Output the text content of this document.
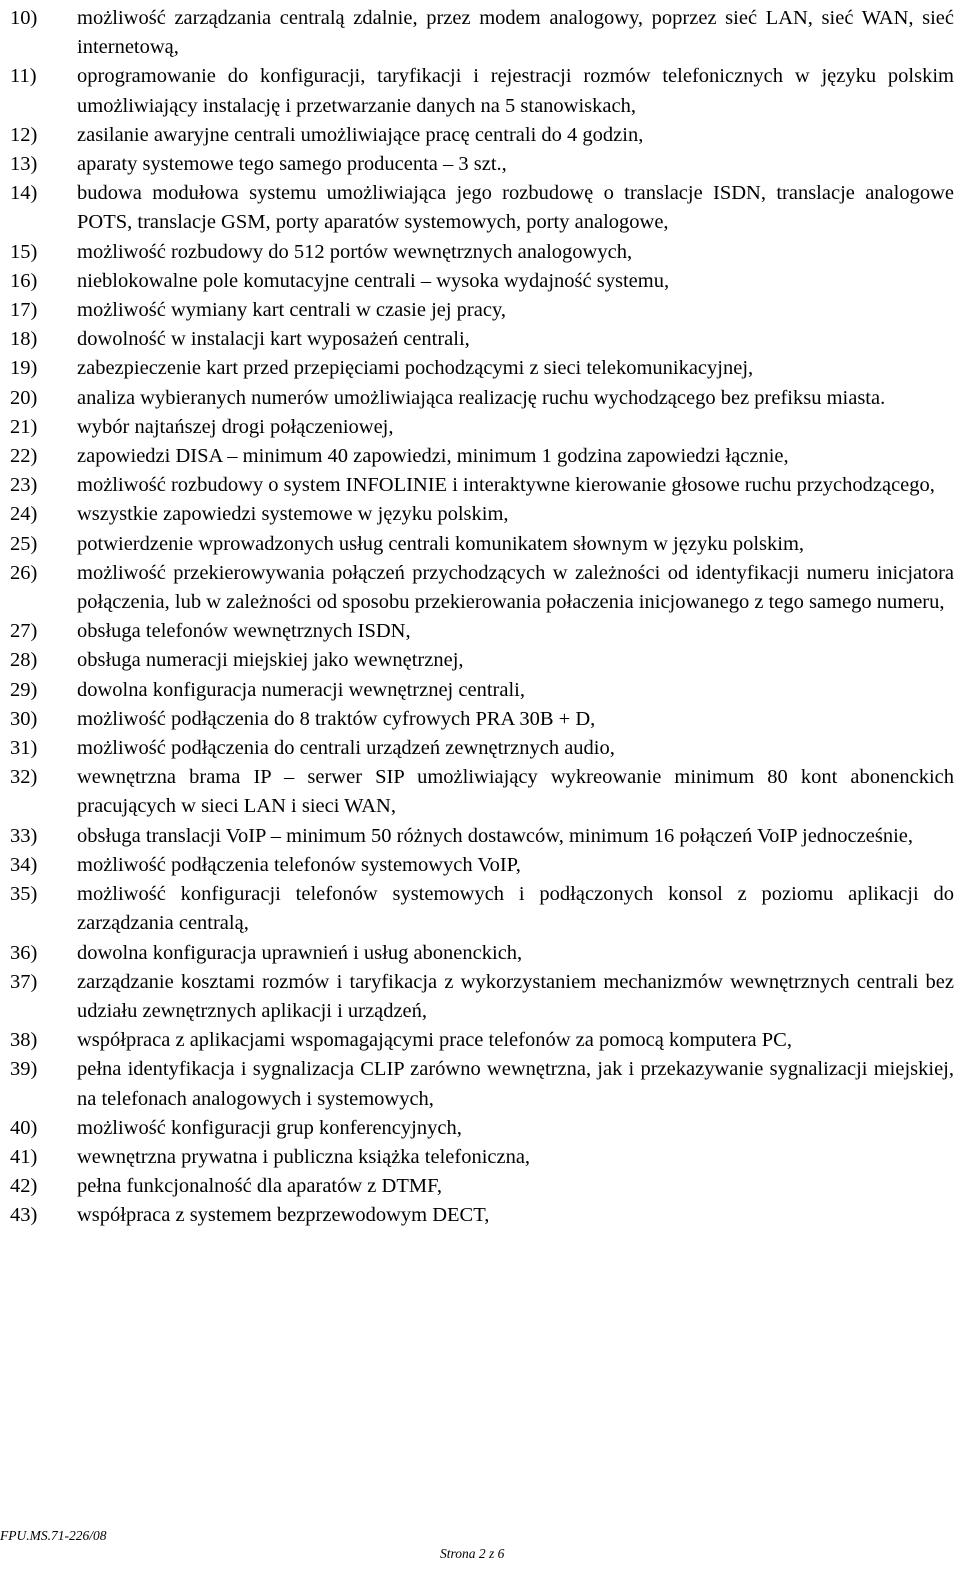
10) możliwość zarządzania centralą zdalnie, przez modem analogowy, poprzez sieć LAN, sieć WAN, sieć internetową,
11) oprogramowanie do konfiguracji, taryfikacji i rejestracji rozmów telefonicznych w języku polskim umożliwiający instalację i przetwarzanie danych na 5 stanowiskach,
12) zasilanie awaryjne centrali umożliwiające pracę centrali do 4 godzin,
13) aparaty systemowe tego samego producenta – 3 szt.,
14) budowa modułowa systemu umożliwiająca jego rozbudowę o translacje ISDN, translacje analogowe POTS, translacje GSM, porty aparatów systemowych, porty analogowe,
15) możliwość rozbudowy do 512 portów wewnętrznych analogowych,
16) nieblokowalne pole komutacyjne centrali – wysoka wydajność systemu,
17) możliwość wymiany kart centrali w czasie jej pracy,
18) dowolność w instalacji kart wyposażeń centrali,
19) zabezpieczenie kart przed przepięciami pochodzącymi z sieci telekomunikacyjnej,
20) analiza wybieranych numerów umożliwiająca realizację ruchu wychodzącego bez prefiksu miasta.
21) wybór najtańszej drogi połączeniowej,
22) zapowiedzi DISA – minimum 40 zapowiedzi, minimum 1 godzina zapowiedzi łącznie,
23) możliwość rozbudowy o system INFOLINIE i interaktywne kierowanie głosowe ruchu przychodzącego,
24) wszystkie zapowiedzi systemowe w języku polskim,
25) potwierdzenie wprowadzonych usług centrali komunikatem słownym w języku polskim,
26) możliwość przekierowywania połączeń przychodzących w zależności od identyfikacji numeru inicjatora połączenia, lub w zależności od sposobu przekierowania połaczenia inicjowanego z tego samego numeru,
27) obsługa telefonów wewnętrznych ISDN,
28) obsługa numeracji miejskiej jako wewnętrznej,
29) dowolna konfiguracja numeracji wewnętrznej centrali,
30) możliwość podłączenia do 8 traktów cyfrowych PRA 30B + D,
31) możliwość podłączenia do centrali urządzeń zewnętrznych audio,
32) wewnętrzna brama IP – serwer SIP umożliwiający wykreowanie minimum 80 kont abonenckich pracujących w sieci LAN i sieci WAN,
33) obsługa translacji VoIP – minimum 50 różnych dostawców, minimum 16 połączeń VoIP jednocześnie,
34) możliwość podłączenia telefonów systemowych VoIP,
35) możliwość konfiguracji telefonów systemowych i podłączonych konsol z poziomu aplikacji do zarządzania centralą,
36) dowolna konfiguracja uprawnień i usług abonenckich,
37) zarządzanie kosztami rozmów i taryfikacja z wykorzystaniem mechanizmów wewnętrznych centrali bez udziału zewnętrznych aplikacji i urządzeń,
38) współpraca z aplikacjami wspomagającymi prace telefonów za pomocą komputera PC,
39) pełna identyfikacja i sygnalizacja CLIP zarówno wewnętrzna, jak i przekazywanie sygnalizacji miejskiej, na telefonach analogowych i systemowych,
40) możliwość konfiguracji grup konferencyjnych,
41) wewnętrzna prywatna i publiczna książka telefoniczna,
42) pełna funkcjonalność dla aparatów z DTMF,
43) współpraca z systemem bezprzewodowym DECT,
FPU.MS.71-226/08
Strona 2 z 6
